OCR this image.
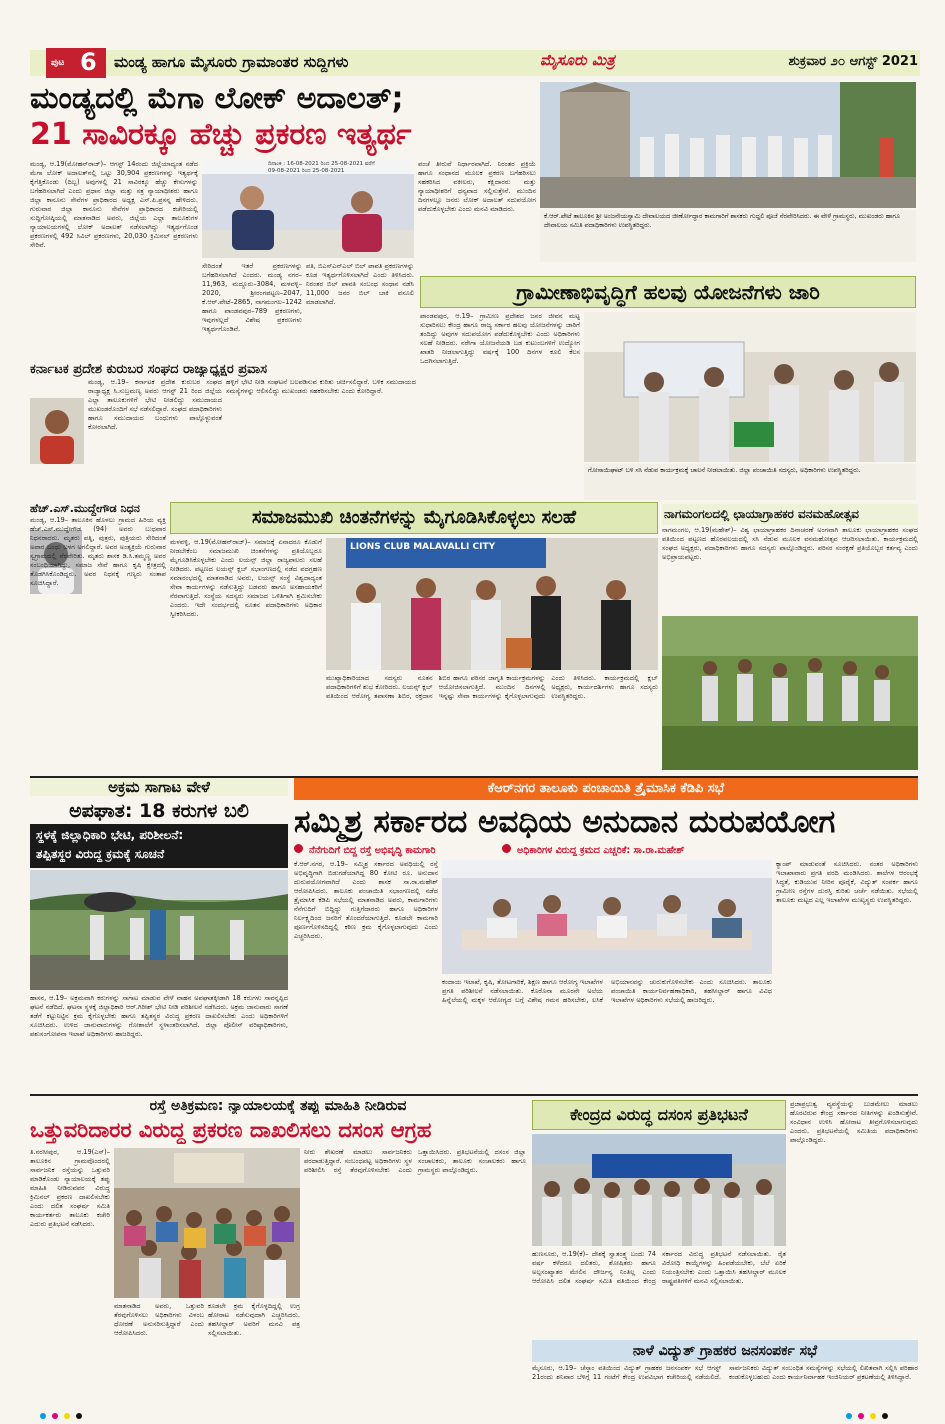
ಪುಟ 6 ಮಂಡ್ಯ ಹಾಗೂ ಮೈಸೂರು ಗ್ರಾಮಾಂತರ ಸುದ್ದಿಗಳು	ಮೈಸೂರು ಮಿತ್ರ	ಶುಕ್ರವಾರ ೨೦ ಆಗಸ್ಟ್ 2021
ಮಂಡ್ಯದಲ್ಲಿ ಮೆಗಾ ಲೋಕ್ ಅದಾಲತ್;
21 ಸಾವಿರಕ್ಕೂ ಹೆಚ್ಚು ಪ್ರಕರಣ ಇತ್ಯರ್ಥ
ಮಂಡ್ಯ, ಆ.19(ಮೋಹನ್‌ರಾಜ್)– ಆಗಸ್ಟ್ 14ರಂದು ಜಿಲ್ಲೆಯಾದ್ಯಂತ ನಡೆದ ಮೆಗಾ ಲೋಕ್ ಅದಾಲತ್‌ನಲ್ಲಿ ಒಟ್ಟು 30,904 ಪ್ರಕರಣಗಳನ್ನು ಇತ್ಯರ್ಥಕ್ಕೆ ಕೈಗೆತ್ತಿಕೊಂಡು (ದಿಬ್ಬ) ಅವುಗಳಲ್ಲಿ 21 ಸಾವಿರಕ್ಕೂ ಹೆಚ್ಚು ಕೇಸುಗಳನ್ನು ಬಗೆಹರಿಸಲಾಗಿದೆ ಎಂದು ಪ್ರಧಾನ ಜಿಲ್ಲಾ ಮತ್ತು ಸತ್ರ ನ್ಯಾಯಾಧೀಶರು ಹಾಗೂ ಜಿಲ್ಲಾ ಕಾನೂನು ಸೇವೆಗಳ ಪ್ರಾಧಿಕಾರದ ಅಧ್ಯಕ್ಷ ಎಸ್.ಪಿ.ಪ್ರಸನ್ನ ಹೇಳಿದರು. ಗುರುವಾರ ಜಿಲ್ಲಾ ಕಾನೂನು ಸೇವೆಗಳ ಪ್ರಾಧಿಕಾರದ ಕಚೇರಿಯಲ್ಲಿ ಸುದ್ದಿಗೋಷ್ಠಿಯಲ್ಲಿ ಮಾತನಾಡಿದ ಅವರು, ಜಿಲ್ಲೆಯ ಎಲ್ಲಾ ತಾಲೂಕುಗಳ ನ್ಯಾಯಾಲಯಗಳಲ್ಲಿ ಲೋಕ್ ಅದಾಲತ್ ನಡೆಸಲಾಗಿದ್ದು ಇತ್ಯರ್ಥಗೊಂಡ ಪ್ರಕರಣಗಳಲ್ಲಿ 492 ಸಿವಿಲ್ ಪ್ರಕರಣಗಳು, 20,030 ಕ್ರಿಮಿನಲ್ ಪ್ರಕರಣಗಳು ಸೇರಿವೆ.
ದಿನಾಂಕ : 16-08-2021 ರಿಂದ 25-08-2021 ವರೆಗೆ
09-08-2021 ರಿಂದ 25-08-2021
ಸೇರಿದಂತೆ ಇತರೆ ಪ್ರಕರಣಗಳನ್ನು ಬಗೆಹರಿಸಲಾಗಿದೆ ಎಂದರು. ಮಂಡ್ಯ ನಗರ–11,963, ಮದ್ದೂರು–3084, ಮಳವಳ್ಳಿ–2020, ಶ್ರೀರಂಗಪಟ್ಟಣ–2047, ಕೆ.ಆರ್.ಪೇಟೆ–2865, ನಾಗಮಂಗಲ–1242 ಹಾಗೂ ಪಾಂಡವಪುರ–789 ಪ್ರಕರಣಗಳು, ಇವುಗಳಲ್ಲದೆ ವಿಶೇಷ ಪ್ರಕರಣಗಳು ಇತ್ಯರ್ಥಗೊಂಡಿವೆ.
ಪತಿ, ಬಿಎಸ್‌ಎನ್‌ಎಲ್ ಬಿಲ್ ಪಾವತಿ ಪ್ರಕರಣಗಳನ್ನು ಕೂಡ ಇತ್ಯರ್ಥಗೊಳಿಸಲಾಗಿದೆ ಎಂದು ತಿಳಿಸಿದರು. ನಿರಂತರ ಬಿಲ್ ಪಾವತಿ ಸಂಬಂಧ ಸಂಧಾನ ನಡೆಸಿ 11,000 ಜನರ ಬಿಲ್ ಬಾಕಿ ವಸೂಲಿ ಮಾಡಲಾಗಿದೆ.
ಪಂಚೆ ತೀರುವೆ ನಿರ್ಧಾರವಾಗಿದೆ. ನಿರಂತರ ಪ್ರಕ್ರಿಯೆ ಹಾಗೂ ಸಂಧಾನದ ಮೂಲಕ ಪ್ರಕರಣ ಬಗೆಹರಿಸಲು ಸಹಕರಿಸಿದ ವಕೀಲರು, ಕಕ್ಷಿದಾರರು ಮತ್ತು ನ್ಯಾಯಾಧೀಶರಿಗೆ ಧನ್ಯವಾದ ಸಲ್ಲಿಸುತ್ತೇನೆ. ಮುಂದಿನ ದಿನಗಳಲ್ಲೂ ಜನರು ಲೋಕ್ ಅದಾಲತ್ ಸದುಪಯೋಗ ಪಡೆದುಕೊಳ್ಳಬೇಕು ಎಂದು ಮನವಿ ಮಾಡಿದರು.
ಕೆ.ಆರ್.ಪೇಟೆ ತಾಲೂಕಿನ ಶ್ರೀ ಅಂಜನೇಯಸ್ವಾಮಿ ದೇವಾಲಯದ ಜೀರ್ಣೋದ್ಧಾರ ಕಾಮಗಾರಿಗೆ ಶಾಸಕರು ಗುದ್ದಲಿ ಪೂಜೆ ನೆರವೇರಿಸಿದರು. ಈ ವೇಳೆ ಗ್ರಾಮಸ್ಥರು, ಮುಖಂಡರು ಹಾಗೂ ದೇವಾಲಯ ಸಮಿತಿ ಪದಾಧಿಕಾರಿಗಳು ಉಪಸ್ಥಿತರಿದ್ದರು.
ಗ್ರಾಮೀಣಾಭಿವೃದ್ಧಿಗೆ ಹಲವು ಯೋಜನೆಗಳು ಜಾರಿ
ಪಾಂಡವಪುರ, ಆ.19– ಗ್ರಾಮೀಣ ಪ್ರದೇಶದ ಜನರ ಜೀವನ ಮಟ್ಟ ಸುಧಾರಿಸಲು ಕೇಂದ್ರ ಹಾಗೂ ರಾಜ್ಯ ಸರ್ಕಾರ ಹಲವು ಯೋಜನೆಗಳನ್ನು ಜಾರಿಗೆ ತಂದಿದ್ದು ಅವುಗಳ ಸದುಪಯೋಗ ಪಡೆದುಕೊಳ್ಳಬೇಕು ಎಂದು ಅಧಿಕಾರಿಗಳು ಸಲಹೆ ನೀಡಿದರು. ನರೇಗಾ ಯೋಜನೆಯಡಿ ಬಡ ಕುಟುಂಬಗಳಿಗೆ ಉದ್ಯೋಗ ಖಾತರಿ ನೀಡಲಾಗುತ್ತಿದ್ದು ವರ್ಷಕ್ಕೆ 100 ದಿನಗಳ ಕೂಲಿ ಕೆಲಸ ಒದಗಿಸಲಾಗುತ್ತಿದೆ.
ಗೋಸಾಯಿಘಾಟ್ ಬಳಿ ಸಸಿ ನೆಡುವ ಕಾರ್ಯಕ್ರಮಕ್ಕೆ ಚಾಲನೆ ನೀಡಲಾಯಿತು. ಜಿಲ್ಲಾ ಪಂಚಾಯಿತಿ ಸದಸ್ಯರು, ಅಧಿಕಾರಿಗಳು ಉಪಸ್ಥಿತರಿದ್ದರು.
ಕರ್ನಾಟಕ ಪ್ರದೇಶ ಕುರುಬರ ಸಂಘದ ರಾಜ್ಯಾಧ್ಯಕ್ಷರ ಪ್ರವಾಸ
ಮಂಡ್ಯ, ಆ.19– ಕರ್ನಾಟಕ ಪ್ರದೇಶ ಕುರುಬರ ಸಂಘದ ರಾಜ್ಯಾಧ್ಯಕ್ಷ ಸಿ.ಸುಬ್ರಮಣ್ಯ ಅವರು ಆಗಸ್ಟ್ 21 ರಿಂದ ಜಿಲ್ಲೆಯ ಎಲ್ಲಾ ತಾಲೂಕುಗಳಿಗೆ ಭೇಟಿ ನೀಡಲಿದ್ದು ಸಮುದಾಯದ ಮುಖಂಡರೊಂದಿಗೆ ಸಭೆ ನಡೆಸಲಿದ್ದಾರೆ. ಸಂಘದ ಪದಾಧಿಕಾರಿಗಳು ಹಾಗೂ ಸಮುದಾಯದ ಬಂಧುಗಳು ಪಾಲ್ಗೊಳ್ಳುವಂತೆ ಕೋರಲಾಗಿದೆ.
ಹಳ್ಳಿಗೆ ಭೇಟಿ ನೀಡಿ ಸಂಘಟನೆ ಬಲಪಡಿಸುವ ಕುರಿತು ಚರ್ಚಿಸಲಿದ್ದಾರೆ. ಬಳಿಕ ಸಮುದಾಯದ ಸಮಸ್ಯೆಗಳನ್ನು ಆಲಿಸಲಿದ್ದು ಮುಖಂಡರು ಸಹಕರಿಸಬೇಕು ಎಂದು ಕೋರಿದ್ದಾರೆ.
ಹೆಚ್.ಎಸ್.ಮುದ್ದೇಗೌಡ ನಿಧನ
ಮಂಡ್ಯ, ಆ.19– ತಾಲೂಕಿನ ಹೊಳಲು ಗ್ರಾಮದ ಹಿರಿಯ ವ್ಯಕ್ತಿ ಹೆಚ್.ಎಸ್.ಮುದ್ದೇಗೌಡ (94) ಅವರು ಬುಧವಾರ ನಿಧನರಾದರು. ಮೃತರು ಪತ್ನಿ, ಪುತ್ರರು, ಪುತ್ರಿಯರು ಸೇರಿದಂತೆ ಅಪಾರ ಬಂಧು ಬಳಗ ಅಗಲಿದ್ದಾರೆ. ಅವರ ಅಂತ್ಯಕ್ರಿಯೆ ಗುರುವಾರ ಸ್ವಗ್ರಾಮದಲ್ಲಿ ನೆರವೇರಿತು. ಮೃತರು ಶಾಸಕ ಡಿ.ಸಿ.ತಮ್ಮಣ್ಣ ಅವರ ಸಂಬಂಧಿಯಾಗಿದ್ದು, ಸಮಾಜ ಸೇವೆ ಹಾಗೂ ಕೃಷಿ ಕ್ಷೇತ್ರದಲ್ಲಿ ತೊಡಗಿಸಿಕೊಂಡಿದ್ದರು. ಅವರ ನಿಧನಕ್ಕೆ ಗಣ್ಯರು ಸಂತಾಪ ಸೂಚಿಸಿದ್ದಾರೆ.
ಸಮಾಜಮುಖಿ ಚಿಂತನೆಗಳನ್ನು ಮೈಗೂಡಿಸಿಕೊಳ್ಳಲು ಸಲಹೆ
ಮಳವಳ್ಳಿ, ಆ.19(ಮೋಹನ್‌ರಾಜ್)– ಸಮಾಜಕ್ಕೆ ಏನಾದರೂ ಕೊಡುಗೆ ನೀಡಬೇಕೆಂಬ ಸಮಾಜಮುಖಿ ಚಿಂತನೆಗಳನ್ನು ಪ್ರತಿಯೊಬ್ಬರೂ ಮೈಗೂಡಿಸಿಕೊಳ್ಳಬೇಕು ಎಂದು ಲಯನ್ಸ್ ಜಿಲ್ಲಾ ರಾಜ್ಯಪಾಲರು ಸಲಹೆ ನೀಡಿದರು. ಪಟ್ಟಣದ ಲಯನ್ಸ್ ಕ್ಲಬ್ ಸಭಾಂಗಣದಲ್ಲಿ ನಡೆದ ಪದಗ್ರಹಣ ಸಮಾರಂಭದಲ್ಲಿ ಮಾತನಾಡಿದ ಅವರು, ಲಯನ್ಸ್ ಸಂಸ್ಥೆ ವಿಶ್ವದಾದ್ಯಂತ ಸೇವಾ ಕಾರ್ಯಗಳನ್ನು ನಡೆಸುತ್ತಿದ್ದು ಬಡವರು ಹಾಗೂ ಅಸಹಾಯಕರಿಗೆ ನೆರವಾಗುತ್ತಿದೆ. ಸಂಸ್ಥೆಯ ಸದಸ್ಯರು ಸಮಾಜದ ಒಳಿತಿಗಾಗಿ ಶ್ರಮಿಸಬೇಕು ಎಂದರು. ಇದೇ ಸಂದರ್ಭದಲ್ಲಿ ನೂತನ ಪದಾಧಿಕಾರಿಗಳು ಅಧಿಕಾರ ಸ್ವೀಕರಿಸಿದರು.
LIONS CLUB MALAVALLI CITY
ಮುಖ್ಯಾಧಿಕಾರಿಯಾದ ಸದಸ್ಯರು ನೂತನ ಪದಾಧಿಕಾರಿಗಳಿಗೆ ಶುಭ ಕೋರಿದರು. ಲಯನ್ಸ್ ಕ್ಲಬ್ ವತಿಯಿಂದ ಆರೋಗ್ಯ ತಪಾಸಣಾ ಶಿಬಿರ, ರಕ್ತದಾನ ಶಿಬಿರ ಹಾಗೂ ಪರಿಸರ ಜಾಗೃತಿ ಕಾರ್ಯಕ್ರಮಗಳನ್ನು ಆಯೋಜಿಸಲಾಗುತ್ತಿದೆ. ಮುಂದಿನ ದಿನಗಳಲ್ಲಿ ಇನ್ನಷ್ಟು ಸೇವಾ ಕಾರ್ಯಗಳನ್ನು ಕೈಗೊಳ್ಳಲಾಗುವುದು ಎಂದು ತಿಳಿಸಿದರು. ಕಾರ್ಯಕ್ರಮದಲ್ಲಿ ಕ್ಲಬ್ ಅಧ್ಯಕ್ಷರು, ಕಾರ್ಯದರ್ಶಿಗಳು ಹಾಗೂ ಸದಸ್ಯರು ಉಪಸ್ಥಿತರಿದ್ದರು.
ನಾಗಮಂಗಲದಲ್ಲಿ ಛಾಯಾಗ್ರಾಹಕರ ವನಮಹೋತ್ಸವ
ನಾಗಮಂಗಲ, ಆ.19(ಮಹೇಶ್)– ವಿಶ್ವ ಛಾಯಾಗ್ರಾಹಕರ ದಿನಾಚರಣೆ ಅಂಗವಾಗಿ ತಾಲೂಕು ಛಾಯಾಗ್ರಾಹಕರ ಸಂಘದ ವತಿಯಿಂದ ಪಟ್ಟಣದ ಹೊರವಲಯದಲ್ಲಿ ಸಸಿ ನೆಡುವ ಮೂಲಕ ವನಮಹೋತ್ಸವ ಆಚರಿಸಲಾಯಿತು. ಕಾರ್ಯಕ್ರಮದಲ್ಲಿ ಸಂಘದ ಅಧ್ಯಕ್ಷರು, ಪದಾಧಿಕಾರಿಗಳು ಹಾಗೂ ಸದಸ್ಯರು ಪಾಲ್ಗೊಂಡಿದ್ದರು. ಪರಿಸರ ಸಂರಕ್ಷಣೆ ಪ್ರತಿಯೊಬ್ಬರ ಕರ್ತವ್ಯ ಎಂದು ಅಭಿಪ್ರಾಯಪಟ್ಟರು.
ಅಕ್ರಮ ಸಾಗಾಟ ವೇಳೆ
ಅಪಘಾತ: 18 ಕರುಗಳ ಬಲಿ
ಸ್ಥಳಕ್ಕೆ ಜಿಲ್ಲಾಧಿಕಾರಿ ಭೇಟಿ, ಪರಿಶೀಲನೆ:
ತಪ್ಪಿತಸ್ಥರ ವಿರುದ್ಧ ಕ್ರಮಕ್ಕೆ ಸೂಚನೆ
ಹಾಸನ, ಆ.19– ಅಕ್ರಮವಾಗಿ ಕರುಗಳನ್ನು ಸಾಗಾಟ ಮಾಡುವ ವೇಳೆ ವಾಹನ ಅಪಘಾತಕ್ಕೀಡಾಗಿ 18 ಕರುಗಳು ಸಾವನ್ನಪ್ಪಿದ ಘಟನೆ ನಡೆದಿದೆ. ಘಟನಾ ಸ್ಥಳಕ್ಕೆ ಜಿಲ್ಲಾಧಿಕಾರಿ ಆರ್.ಗಿರೀಶ್ ಭೇಟಿ ನೀಡಿ ಪರಿಶೀಲನೆ ನಡೆಸಿದರು. ಅಕ್ರಮ ಜಾನುವಾರು ಸಾಗಣೆ ತಡೆಗೆ ಕಟ್ಟುನಿಟ್ಟಿನ ಕ್ರಮ ಕೈಗೊಳ್ಳಬೇಕು ಹಾಗೂ ತಪ್ಪಿತಸ್ಥರ ವಿರುದ್ಧ ಪ್ರಕರಣ ದಾಖಲಿಸಬೇಕು ಎಂದು ಅಧಿಕಾರಿಗಳಿಗೆ ಸೂಚಿಸಿದರು. ಉಳಿದ ಜಾನುವಾರುಗಳನ್ನು ಗೋಶಾಲೆಗೆ ಸ್ಥಳಾಂತರಿಸಲಾಗಿದೆ. ಜಿಲ್ಲಾ ಪೊಲೀಸ್ ವರಿಷ್ಠಾಧಿಕಾರಿಗಳು, ಪಶುಸಂಗೋಪನಾ ಇಲಾಖೆ ಅಧಿಕಾರಿಗಳು ಹಾಜರಿದ್ದರು.
ಕೆಆರ್‌ನಗರ ತಾಲೂಕು ಪಂಚಾಯಿತಿ ತ್ರೈಮಾಸಿಕ ಕೆಡಿಪಿ ಸಭೆ
ಸಮ್ಮಿಶ್ರ ಸರ್ಕಾರದ ಅವಧಿಯ ಅನುದಾನ ದುರುಪಯೋಗ
ನೆನೆಗುದಿಗೆ ಬಿದ್ದ ರಸ್ತೆ ಅಭಿವೃದ್ಧಿ ಕಾಮಗಾರಿ	ಅಧಿಕಾರಿಗಳ ವಿರುದ್ಧ ಕ್ರಮದ ಎಚ್ಚರಿಕೆ: ಸಾ.ರಾ.ಮಹೇಶ್
ಕೆ.ಆರ್.ನಗರ, ಆ.19– ಸಮ್ಮಿಶ್ರ ಸರ್ಕಾರದ ಅವಧಿಯಲ್ಲಿ ರಸ್ತೆ ಅಭಿವೃದ್ಧಿಗಾಗಿ ಬಿಡುಗಡೆಯಾಗಿದ್ದ 80 ಕೋಟಿ ರೂ. ಅನುದಾನ ದುರುಪಯೋಗವಾಗಿದೆ ಎಂದು ಶಾಸಕ ಸಾ.ರಾ.ಮಹೇಶ್ ಆರೋಪಿಸಿದರು. ತಾಲೂಕು ಪಂಚಾಯಿತಿ ಸಭಾಂಗಣದಲ್ಲಿ ನಡೆದ ತ್ರೈಮಾಸಿಕ ಕೆಡಿಪಿ ಸಭೆಯಲ್ಲಿ ಮಾತನಾಡಿದ ಅವರು, ಕಾಮಗಾರಿಗಳು ನೆನೆಗುದಿಗೆ ಬಿದ್ದಿದ್ದು ಗುತ್ತಿಗೆದಾರರು ಹಾಗೂ ಅಧಿಕಾರಿಗಳ ನಿರ್ಲಕ್ಷ್ಯದಿಂದ ಜನರಿಗೆ ತೊಂದರೆಯಾಗುತ್ತಿದೆ. ಕೂಡಲೇ ಕಾಮಗಾರಿ ಪೂರ್ಣಗೊಳಿಸದಿದ್ದಲ್ಲಿ ಕಠಿಣ ಕ್ರಮ ಕೈಗೊಳ್ಳಲಾಗುವುದು ಎಂದು ಎಚ್ಚರಿಸಿದರು.
ಕಂದಾಯ ಇಲಾಖೆ, ಕೃಷಿ, ತೋಟಗಾರಿಕೆ, ಶಿಕ್ಷಣ ಹಾಗೂ ಆರೋಗ್ಯ ಇಲಾಖೆಗಳ ಪ್ರಗತಿ ಪರಿಶೀಲನೆ ನಡೆಸಲಾಯಿತು. ಕೊರೊನಾ ಮೂರನೇ ಅಲೆಯ ಹಿನ್ನೆಲೆಯಲ್ಲಿ ಮಕ್ಕಳ ಆರೋಗ್ಯದ ಬಗ್ಗೆ ವಿಶೇಷ ಗಮನ ಹರಿಸಬೇಕು, ಲಸಿಕೆ ಅಭಿಯಾನವನ್ನು ಚುರುಕುಗೊಳಿಸಬೇಕು ಎಂದು ಸೂಚಿಸಿದರು. ತಾಲೂಕು ಪಂಚಾಯಿತಿ ಕಾರ್ಯನಿರ್ವಹಣಾಧಿಕಾರಿ, ತಹಸೀಲ್ದಾರ್ ಹಾಗೂ ವಿವಿಧ ಇಲಾಖೆಗಳ ಅಧಿಕಾರಿಗಳು ಸಭೆಯಲ್ಲಿ ಹಾಜರಿದ್ದರು.
ಕ್ಯಾಂಪ್ ಮಾಡುವಂತೆ ಸೂಚಿಸಿದರು. ನಂತರ ಅಧಿಕಾರಿಗಳು ಇಲಾಖಾವಾರು ಪ್ರಗತಿ ವರದಿ ಮಂಡಿಸಿದರು. ಶಾಲೆಗಳ ಆರಂಭಕ್ಕೆ ಸಿದ್ಧತೆ, ಕುಡಿಯುವ ನೀರಿನ ಪೂರೈಕೆ, ವಿದ್ಯುತ್ ಸಂಪರ್ಕ ಹಾಗೂ ಗ್ರಾಮೀಣ ರಸ್ತೆಗಳ ದುರಸ್ತಿ ಕುರಿತು ಚರ್ಚೆ ನಡೆಯಿತು. ಸಭೆಯಲ್ಲಿ ತಾಲೂಕು ಮಟ್ಟದ ಎಲ್ಲ ಇಲಾಖೆಗಳ ಮುಖ್ಯಸ್ಥರು ಉಪಸ್ಥಿತರಿದ್ದರು.
ರಸ್ತೆ ಅತಿಕ್ರಮಣ: ನ್ಯಾಯಾಲಯಕ್ಕೆ ತಪ್ಪು ಮಾಹಿತಿ ನೀಡಿರುವ
ಒತ್ತುವರಿದಾರರ ವಿರುದ್ಧ ಪ್ರಕರಣ ದಾಖಲಿಸಲು ದಸಂಸ ಆಗ್ರಹ
ತಿ.ನರಸೀಪುರ, ಆ.19(ಎಸ್)– ತಾಲೂಕಿನ ಗ್ರಾಮವೊಂದರಲ್ಲಿ ಸಾರ್ವಜನಿಕ ರಸ್ತೆಯನ್ನು ಒತ್ತುವರಿ ಮಾಡಿಕೊಂಡು ನ್ಯಾಯಾಲಯಕ್ಕೆ ತಪ್ಪು ಮಾಹಿತಿ ನೀಡಿರುವವರ ವಿರುದ್ಧ ಕ್ರಿಮಿನಲ್ ಪ್ರಕರಣ ದಾಖಲಿಸಬೇಕು ಎಂದು ದಲಿತ ಸಂಘರ್ಷ ಸಮಿತಿ ಕಾರ್ಯಕರ್ತರು ತಾಲೂಕು ಕಚೇರಿ ಎದುರು ಪ್ರತಿಭಟನೆ ನಡೆಸಿದರು.
ಮಾತನಾಡಿದ ಅವರು, ಒತ್ತುವರಿ ತೆರವುಗೊಳಿಸಲು ಅಧಿಕಾರಿಗಳು ವಿಳಂಬ ಧೋರಣೆ ಅನುಸರಿಸುತ್ತಿದ್ದಾರೆ ಎಂದು ಆರೋಪಿಸಿದರು.
ಕೂಡಲೇ ಕ್ರಮ ಕೈಗೊಳ್ಳದಿದ್ದಲ್ಲಿ ಉಗ್ರ ಹೋರಾಟ ನಡೆಸುವುದಾಗಿ ಎಚ್ಚರಿಸಿದರು. ತಹಸೀಲ್ದಾರ್ ಅವರಿಗೆ ಮನವಿ ಪತ್ರ ಸಲ್ಲಿಸಲಾಯಿತು.
ನೀರು ಶೇಖರಣೆ ಮಾಡಲು ಸಾರ್ವಜನಿಕರು ಪರದಾಡುತ್ತಿದ್ದಾರೆ. ಸಂಬಂಧಪಟ್ಟ ಅಧಿಕಾರಿಗಳು ಸ್ಥಳ ಪರಿಶೀಲಿಸಿ ರಸ್ತೆ ತೆರವುಗೊಳಿಸಬೇಕು ಎಂದು ಒತ್ತಾಯಿಸಿದರು. ಪ್ರತಿಭಟನೆಯಲ್ಲಿ ದಸಂಸ ಜಿಲ್ಲಾ ಸಂಚಾಲಕರು, ತಾಲೂಕು ಸಂಚಾಲಕರು ಹಾಗೂ ಗ್ರಾಮಸ್ಥರು ಪಾಲ್ಗೊಂಡಿದ್ದರು.
ಕೇಂದ್ರದ ವಿರುದ್ಧ ದಸಂಸ ಪ್ರತಿಭಟನೆ
ಹುಣಸೂರು, ಆ.19(ಕೆ)– ದೇಶಕ್ಕೆ ಸ್ವಾತಂತ್ರ್ಯ ಬಂದು 74 ವರ್ಷ ಕಳೆದರೂ ದಲಿತರು, ಶೋಷಿತರು ಹಾಗೂ ಅಲ್ಪಸಂಖ್ಯಾತರ ಮೇಲಿನ ದೌರ್ಜನ್ಯ ನಿಂತಿಲ್ಲ ಎಂದು ಆರೋಪಿಸಿ ದಲಿತ ಸಂಘರ್ಷ ಸಮಿತಿ ವತಿಯಿಂದ ಕೇಂದ್ರ ಸರ್ಕಾರದ ವಿರುದ್ಧ ಪ್ರತಿಭಟನೆ ನಡೆಸಲಾಯಿತು. ರೈತ ವಿರೋಧಿ ಕಾಯ್ದೆಗಳನ್ನು ಹಿಂಪಡೆಯಬೇಕು, ಬೆಲೆ ಏರಿಕೆ ನಿಯಂತ್ರಿಸಬೇಕು ಎಂದು ಒತ್ತಾಯಿಸಿ ತಹಸೀಲ್ದಾರ್ ಮೂಲಕ ರಾಷ್ಟ್ರಪತಿಗಳಿಗೆ ಮನವಿ ಸಲ್ಲಿಸಲಾಯಿತು.
ಪ್ರಜಾಪ್ರಭುತ್ವ ವ್ಯವಸ್ಥೆಯನ್ನು ಬುಡಮೇಲು ಮಾಡಲು ಹೊರಟಿರುವ ಕೇಂದ್ರ ಸರ್ಕಾರದ ನೀತಿಗಳನ್ನು ಖಂಡಿಸುತ್ತೇವೆ. ಸಂವಿಧಾನ ಉಳಿಸಿ ಹೋರಾಟ ತೀವ್ರಗೊಳಿಸಲಾಗುವುದು ಎಂದರು. ಪ್ರತಿಭಟನೆಯಲ್ಲಿ ಸಮಿತಿಯ ಪದಾಧಿಕಾರಿಗಳು ಪಾಲ್ಗೊಂಡಿದ್ದರು.
ನಾಳೆ ವಿದ್ಯುತ್ ಗ್ರಾಹಕರ ಜನಸಂಪರ್ಕ ಸಭೆ
ಮೈಸೂರು, ಆ.19– ಚೆಸ್ಕಾಂ ವತಿಯಿಂದ ವಿದ್ಯುತ್ ಗ್ರಾಹಕರ ಜನಸಂಪರ್ಕ ಸಭೆ ಆಗಸ್ಟ್ 21ರಂದು ಶನಿವಾರ ಬೆಳಿಗ್ಗೆ 11 ಗಂಟೆಗೆ ಕೇಂದ್ರ ಉಪವಿಭಾಗ ಕಚೇರಿಯಲ್ಲಿ ನಡೆಯಲಿದೆ. ಸಾರ್ವಜನಿಕರು ವಿದ್ಯುತ್ ಸಂಬಂಧಿತ ಸಮಸ್ಯೆಗಳನ್ನು ಸಭೆಯಲ್ಲಿ ಲಿಖಿತವಾಗಿ ಸಲ್ಲಿಸಿ ಪರಿಹಾರ ಕಂಡುಕೊಳ್ಳಬಹುದು ಎಂದು ಕಾರ್ಯನಿರ್ವಾಹಕ ಇಂಜಿನಿಯರ್ ಪ್ರಕಟಣೆಯಲ್ಲಿ ತಿಳಿಸಿದ್ದಾರೆ.
